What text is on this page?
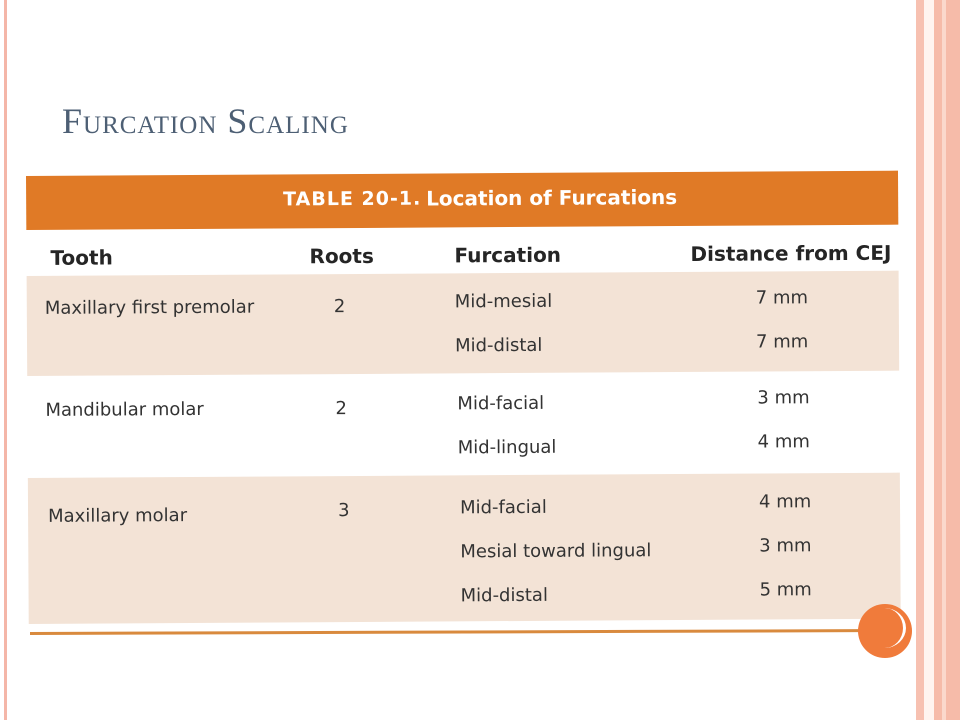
Furcation Scaling
TABLE 20-1. Location of Furcations
Tooth	Roots	Furcation	Distance from CEJ
Maxillary first premolar	2	Mid-mesial	7 mm
Mid-distal	7 mm
Mandibular molar	2	Mid-facial	3 mm
Mid-lingual	4 mm
Maxillary molar	3	Mid-facial	4 mm
Mesial toward lingual	3 mm
Mid-distal	5 mm
